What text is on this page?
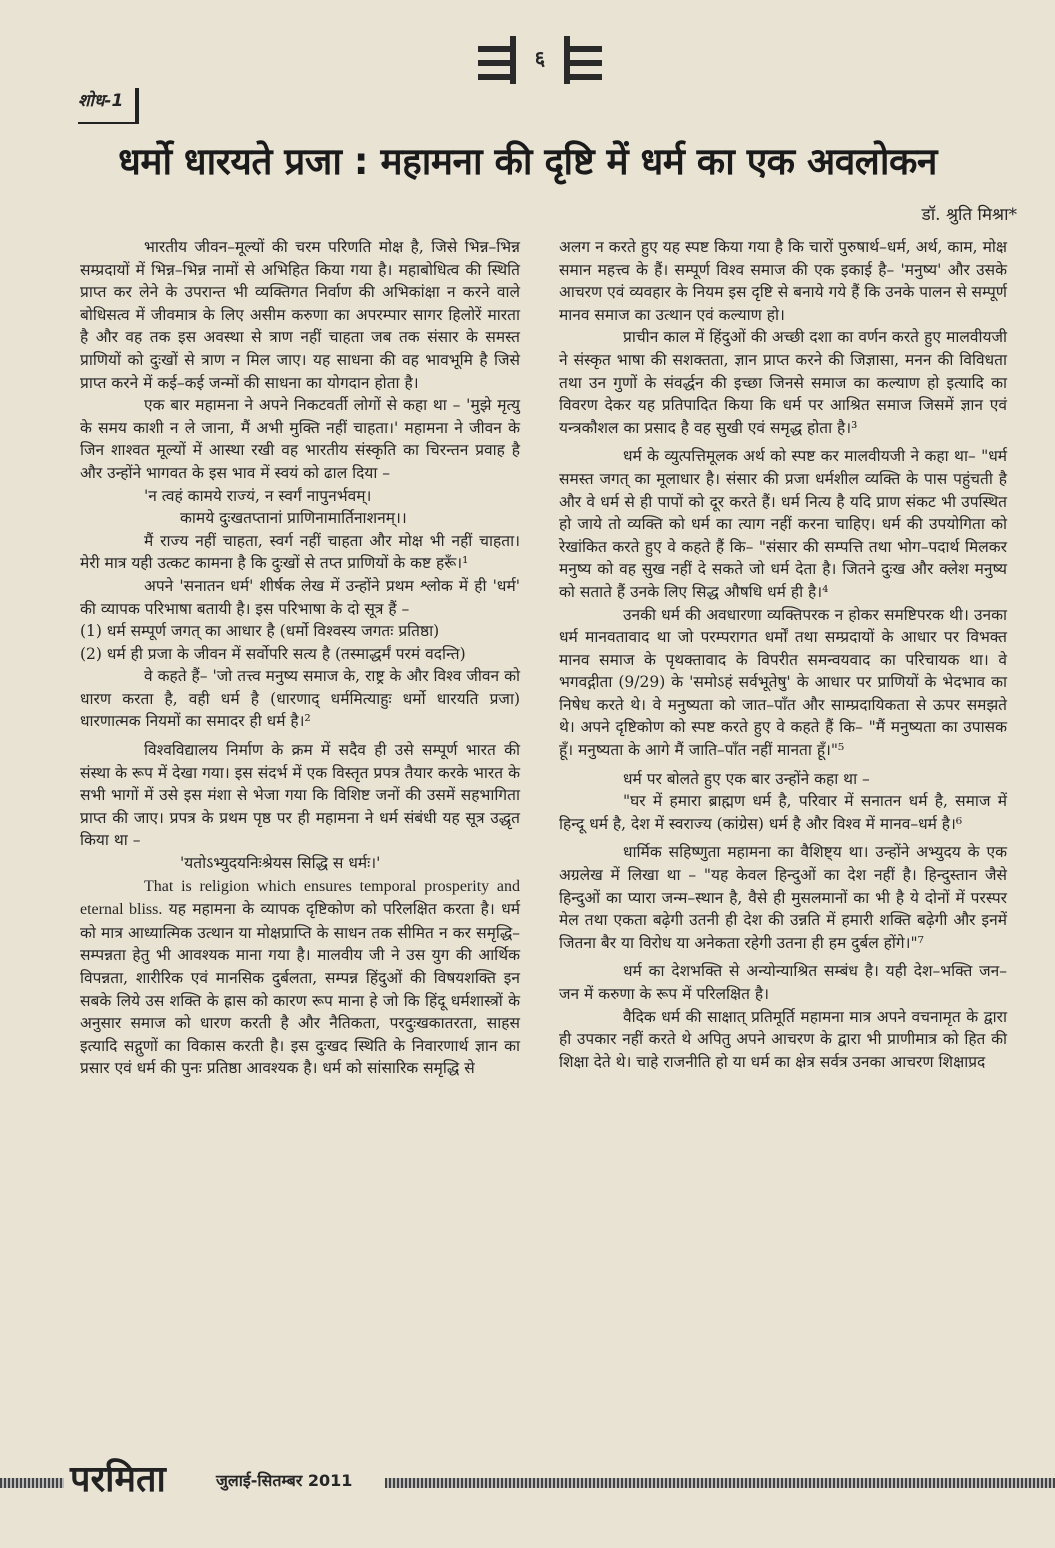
६
शोध-1
धर्मो धारयते प्रजा : महामना की दृष्टि में धर्म का एक अवलोकन
डॉ. श्रुति मिश्रा*

भारतीय जीवन–मूल्यों की चरम परिणति मोक्ष है, जिसे भिन्न–भिन्न सम्प्रदायों में भिन्न–भिन्न नामों से अभिहित किया गया है। महाबोधित्व की स्थिति प्राप्त कर लेने के उपरान्त भी व्यक्तिगत निर्वाण की अभिकांक्षा न करने वाले बोधिसत्व में जीवमात्र के लिए असीम करुणा का अपरम्पार सागर हिलोरें मारता है और वह तक इस अवस्था से त्राण नहीं चाहता जब तक संसार के समस्त प्राणियों को दुःखों से त्राण न मिल जाए। यह साधना की वह भावभूमि है जिसे प्राप्त करने में कई–कई जन्मों की साधना का योगदान होता है।

एक बार महामना ने अपने निकटवर्ती लोगों से कहा था – 'मुझे मृत्यु के समय काशी न ले जाना, मैं अभी मुक्ति नहीं चाहता।' महामना ने जीवन के जिन शाश्वत मूल्यों में आस्था रखी वह भारतीय संस्कृति का चिरन्तन प्रवाह है और उन्होंने भागवत के इस भाव में स्वयं को ढाल दिया –

'न त्वहं कामये राज्यं, न स्वर्गं नापुनर्भवम्।

कामये दुःखतप्तानां प्राणिनामार्तिनाशनम्।।

मैं राज्य नहीं चाहता, स्वर्ग नहीं चाहता और मोक्ष भी नहीं चाहता। मेरी मात्र यही उत्कट कामना है कि दुःखों से तप्त प्राणियों के कष्ट हरूँ।¹

अपने 'सनातन धर्म' शीर्षक लेख में उन्होंने प्रथम श्लोक में ही 'धर्म' की व्यापक परिभाषा बतायी है। इस परिभाषा के दो सूत्र हैं –

(1) धर्म सम्पूर्ण जगत् का आधार है (धर्मो विश्वस्य जगतः प्रतिष्ठा)

(2) धर्म ही प्रजा के जीवन में सर्वोपरि सत्य है (तस्माद्धर्मं परमं वदन्ति)

वे कहते हैं– 'जो तत्त्व मनुष्य समाज के, राष्ट्र के और विश्व जीवन को धारण करता है, वही धर्म है (धारणाद् धर्ममित्याहुः धर्मो धारयति प्रजा) धारणात्मक नियमों का समादर ही धर्म है।²

विश्वविद्यालय निर्माण के क्रम में सदैव ही उसे सम्पूर्ण भारत की संस्था के रूप में देखा गया। इस संदर्भ में एक विस्तृत प्रपत्र तैयार करके भारत के सभी भागों में उसे इस मंशा से भेजा गया कि विशिष्ट जनों की उसमें सहभागिता प्राप्त की जाए। प्रपत्र के प्रथम पृष्ठ पर ही महामना ने धर्म संबंधी यह सूत्र उद्धृत किया था –

'यतोऽभ्युदयनिःश्रेयस सिद्धि स धर्मः।'

That is religion which ensures temporal prosperity and eternal bliss. यह महामना के व्यापक दृष्टिकोण को परिलक्षित करता है। धर्म को मात्र आध्यात्मिक उत्थान या मोक्षप्राप्ति के साधन तक सीमित न कर समृद्धि–सम्पन्नता हेतु भी आवश्यक माना गया है। मालवीय जी ने उस युग की आर्थिक विपन्नता, शारीरिक एवं मानसिक दुर्बलता, सम्पन्न हिंदुओं की विषयशक्ति इन सबके लिये उस शक्ति के ह्रास को कारण रूप माना हे जो कि हिंदू धर्मशास्त्रों के अनुसार समाज को धारण करती है और नैतिकता, परदुःखकातरता, साहस इत्यादि सद्गुणों का विकास करती है। इस दुःखद स्थिति के निवारणार्थ ज्ञान का प्रसार एवं धर्म की पुनः प्रतिष्ठा आवश्यक है। धर्म को सांसारिक समृद्धि से

अलग न करते हुए यह स्पष्ट किया गया है कि चारों पुरुषार्थ–धर्म, अर्थ, काम, मोक्ष समान महत्त्व के हैं। सम्पूर्ण विश्व समाज की एक इकाई है– 'मनुष्य' और उसके आचरण एवं व्यवहार के नियम इस दृष्टि से बनाये गये हैं कि उनके पालन से सम्पूर्ण मानव समाज का उत्थान एवं कल्याण हो।

प्राचीन काल में हिंदुओं की अच्छी दशा का वर्णन करते हुए मालवीयजी ने संस्कृत भाषा की सशक्तता, ज्ञान प्राप्त करने की जिज्ञासा, मनन की विविधता तथा उन गुणों के संवर्द्धन की इच्छा जिनसे समाज का कल्याण हो इत्यादि का विवरण देकर यह प्रतिपादित किया कि धर्म पर आश्रित समाज जिसमें ज्ञान एवं यन्त्रकौशल का प्रसाद है वह सुखी एवं समृद्ध होता है।³

धर्म के व्युत्पत्तिमूलक अर्थ को स्पष्ट कर मालवीयजी ने कहा था– "धर्म समस्त जगत् का मूलाधार है। संसार की प्रजा धर्मशील व्यक्ति के पास पहुंचती है और वे धर्म से ही पापों को दूर करते हैं। धर्म नित्य है यदि प्राण संकट भी उपस्थित हो जाये तो व्यक्ति को धर्म का त्याग नहीं करना चाहिए। धर्म की उपयोगिता को रेखांकित करते हुए वे कहते हैं कि– "संसार की सम्पत्ति तथा भोग–पदार्थ मिलकर मनुष्य को वह सुख नहीं दे सकते जो धर्म देता है। जितने दुःख और क्लेश मनुष्य को सताते हैं उनके लिए सिद्ध औषधि धर्म ही है।⁴

उनकी धर्म की अवधारणा व्यक्तिपरक न होकर समष्टिपरक थी। उनका धर्म मानवतावाद था जो परम्परागत धर्मों तथा सम्प्रदायों के आधार पर विभक्त मानव समाज के पृथक्तावाद के विपरीत समन्वयवाद का परिचायक था। वे भगवद्गीता (9/29) के 'समोऽहं सर्वभूतेषु' के आधार पर प्राणियों के भेदभाव का निषेध करते थे। वे मनुष्यता को जात–पाँत और साम्प्रदायिकता से ऊपर समझते थे। अपने दृष्टिकोण को स्पष्ट करते हुए वे कहते हैं कि– "मैं मनुष्यता का उपासक हूँ। मनुष्यता के आगे मैं जाति–पाँत नहीं मानता हूँ।"⁵

धर्म पर बोलते हुए एक बार उन्होंने कहा था –

"घर में हमारा ब्राह्मण धर्म है, परिवार में सनातन धर्म है, समाज में हिन्दू धर्म है, देश में स्वराज्य (कांग्रेस) धर्म है और विश्व में मानव–धर्म है।⁶

धार्मिक सहिष्णुता महामना का वैशिष्ट्य था। उन्होंने अभ्युदय के एक अग्रलेख में लिखा था – "यह केवल हिन्दुओं का देश नहीं है। हिन्दुस्तान जैसे हिन्दुओं का प्यारा जन्म–स्थान है, वैसे ही मुसलमानों का भी है ये दोनों में परस्पर मेल तथा एकता बढ़ेगी उतनी ही देश की उन्नति में हमारी शक्ति बढ़ेगी और इनमें जितना बैर या विरोध या अनेकता रहेगी उतना ही हम दुर्बल होंगे।"⁷

धर्म का देशभक्ति से अन्योन्याश्रित सम्बंध है। यही देश–भक्ति जन–जन में करुणा के रूप में परिलक्षित है।

वैदिक धर्म की साक्षात् प्रतिमूर्ति महामना मात्र अपने वचनामृत के द्वारा ही उपकार नहीं करते थे अपितु अपने आचरण के द्वारा भी प्राणीमात्र को हित की शिक्षा देते थे। चाहे राजनीति हो या धर्म का क्षेत्र सर्वत्र उनका आचरण शिक्षाप्रद

परमिता	जुलाई-सितम्बर 2011
